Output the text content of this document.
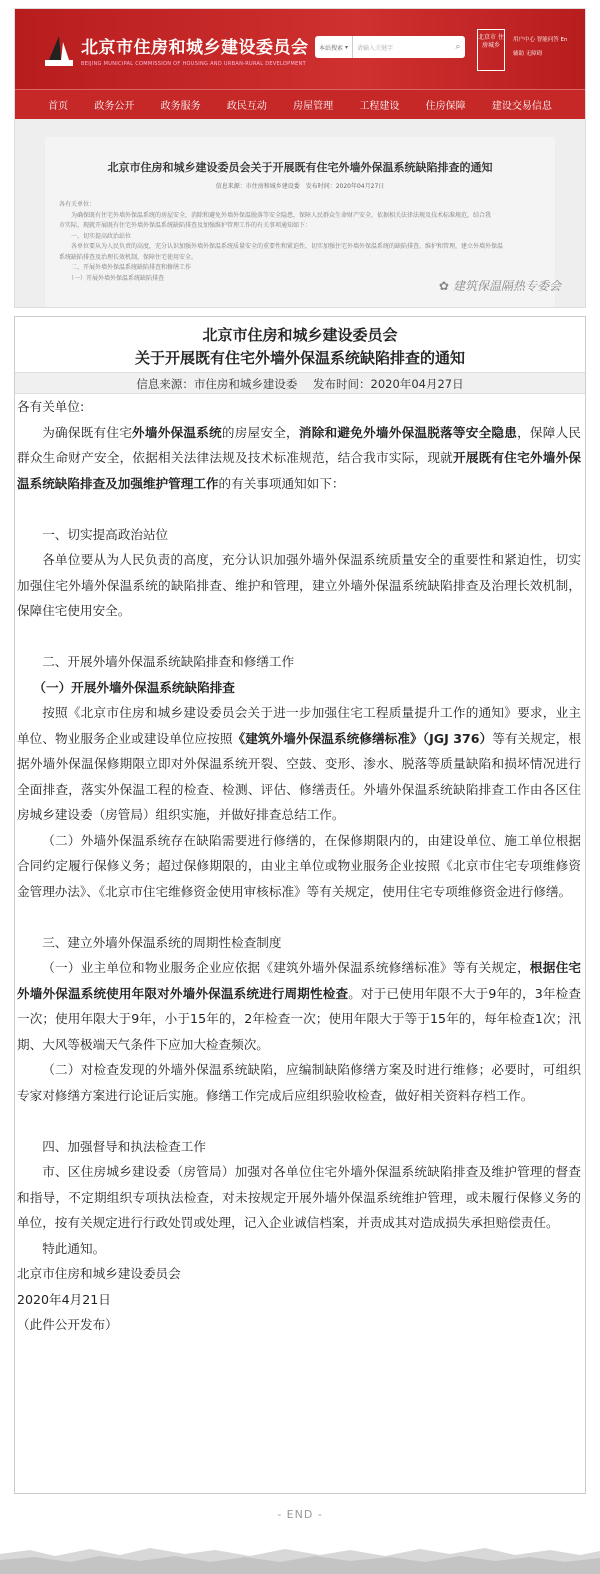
北京市住房和城乡建设委员会
BEIJING MUNICIPAL COMMISSION OF HOUSING AND URBAN-RURAL DEVELOPMENT
本站搜索 ▾	请输入关键字	⌕
北京市 住房城乡
用户中心 智能问答 En
辅助 无障碍
首页	政务公开	政务服务	政民互动	房屋管理	工程建设	住房保障	建设交易信息
北京市住房和城乡建设委员会关于开展既有住宅外墙外保温系统缺陷排查的通知
信息来源：市住房和城乡建设委　发布时间：2020年04月27日
各有关单位：
　　为确保既有住宅外墙外保温系统的房屋安全，消除和避免外墙外保温脱落等安全隐患，保障人民群众生命财产安全，依据相关法律法规及技术标准规范，结合我
市实际，现就开展既有住宅外墙外保温系统缺陷排查及加强维护管理工作的有关事项通知如下：
　　一、切实提高政治站位
　　各单位要从为人民负责的高度，充分认识加强外墙外保温系统质量安全的重要性和紧迫性，切实加强住宅外墙外保温系统的缺陷排查、维护和管理，建立外墙外保温
系统缺陷排查及治理长效机制，保障住宅使用安全。
　　二、开展外墙外保温系统缺陷排查和修缮工作
　　（一）开展外墙外保温系统缺陷排查
✿ 建筑保温隔热专委会
北京市住房和城乡建设委员会
关于开展既有住宅外墙外保温系统缺陷排查的通知
信息来源：市住房和城乡建设委 发布时间：2020年04月27日

各有关单位:

为确保既有住宅外墙外保温系统的房屋安全，消除和避免外墙外保温脱落等安全隐患，保障人民群众生命财产安全，依据相关法律法规及技术标准规范，结合我市实际，现就开展既有住宅外墙外保温系统缺陷排查及加强维护管理工作的有关事项通知如下：

一、切实提高政治站位

各单位要从为人民负责的高度，充分认识加强外墙外保温系统质量安全的重要性和紧迫性，切实加强住宅外墙外保温系统的缺陷排查、维护和管理，建立外墙外保温系统缺陷排查及治理长效机制，保障住宅使用安全。

二、开展外墙外保温系统缺陷排查和修缮工作

（一）开展外墙外保温系统缺陷排查

按照《北京市住房和城乡建设委员会关于进一步加强住宅工程质量提升工作的通知》要求，业主单位、物业服务企业或建设单位应按照《建筑外墙外保温系统修缮标准》（JGJ 376）等有关规定，根据外墙外保温保修期限立即对外保温系统开裂、空鼓、变形、渗水、脱落等质量缺陷和损坏情况进行全面排查，落实外保温工程的检查、检测、评估、修缮责任。外墙外保温系统缺陷排查工作由各区住房城乡建设委（房管局）组织实施，并做好排查总结工作。

（二）外墙外保温系统存在缺陷需要进行修缮的，在保修期限内的，由建设单位、施工单位根据合同约定履行保修义务；超过保修期限的，由业主单位或物业服务企业按照《北京市住宅专项维修资金管理办法》、《北京市住宅维修资金使用审核标准》等有关规定，使用住宅专项维修资金进行修缮。

三、建立外墙外保温系统的周期性检查制度

（一）业主单位和物业服务企业应依据《建筑外墙外保温系统修缮标准》等有关规定，根据住宅外墙外保温系统使用年限对外墙外保温系统进行周期性检查。对于已使用年限不大于9年的，3年检查一次；使用年限大于9年，小于15年的，2年检查一次；使用年限大于等于15年的，每年检查1次；汛期、大风等极端天气条件下应加大检查频次。

（二）对检查发现的外墙外保温系统缺陷，应编制缺陷修缮方案及时进行维修；必要时，可组织专家对修缮方案进行论证后实施。修缮工作完成后应组织验收检查，做好相关资料存档工作。

四、加强督导和执法检查工作

市、区住房城乡建设委（房管局）加强对各单位住宅外墙外保温系统缺陷排查及维护管理的督查和指导，不定期组织专项执法检查，对未按规定开展外墙外保温系统维护管理，或未履行保修义务的单位，按有关规定进行行政处罚或处理，记入企业诚信档案，并责成其对造成损失承担赔偿责任。

特此通知。

北京市住房和城乡建设委员会

2020年4月21日

（此件公开发布）

- END -
